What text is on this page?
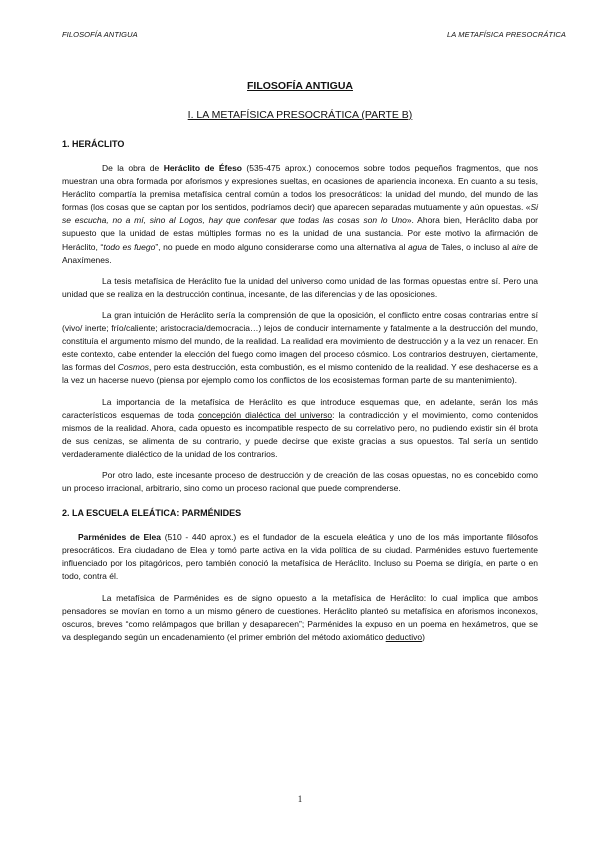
FILOSOFÍA ANTIGUA	LA METAFÍSICA PRESOCRÁTICA
FILOSOFÍA ANTIGUA
I. LA METAFÍSICA PRESOCRÁTICA (PARTE B)
1. HERÁCLITO

De la obra de Heráclito de Éfeso (535-475 aprox.) conocemos sobre todos pequeños fragmentos, que nos muestran una obra formada por aforismos y expresiones sueltas, en ocasiones de apariencia inconexa. En cuanto a su tesis, Heráclito compartía la premisa metafísica central común a todos los presocráticos: la unidad del mundo, del mundo de las formas (los cosas que se captan por los sentidos, podríamos decir) que aparecen separadas mutuamente y aún opuestas. «Si se escucha, no a mí, sino al Logos, hay que confesar que todas las cosas son lo Uno». Ahora bien, Heráclito daba por supuesto que la unidad de estas múltiples formas no es la unidad de una sustancia. Por este motivo la afirmación de Heráclito, “todo es fuego”, no puede en modo alguno considerarse como una alternativa al agua de Tales, o incluso al aire de Anaxímenes.

La tesis metafísica de Heráclito fue la unidad del universo como unidad de las formas opuestas entre sí. Pero una unidad que se realiza en la destrucción continua, incesante, de las diferencias y de las oposiciones.

La gran intuición de Heráclito sería la comprensión de que la oposición, el conflicto entre cosas contrarias entre sí (vivo/ inerte; frío/caliente; aristocracia/democracia…) lejos de conducir internamente y fatalmente a la destrucción del mundo, constituía el argumento mismo del mundo, de la realidad. La realidad era movimiento de destrucción y a la vez un renacer. En este contexto, cabe entender la elección del fuego como imagen del proceso cósmico. Los contrarios destruyen, ciertamente, las formas del Cosmos, pero esta destrucción, esta combustión, es el mismo contenido de la realidad. Y ese deshacerse es a la vez un hacerse nuevo (piensa por ejemplo como los conflictos de los ecosistemas forman parte de su mantenimiento).

La importancia de la metafísica de Heráclito es que introduce esquemas que, en adelante, serán los más característicos esquemas de toda concepción dialéctica del universo: la contradicción y el movimiento, como contenidos mismos de la realidad. Ahora, cada opuesto es incompatible respecto de su correlativo pero, no pudiendo existir sin él brota de sus cenizas, se alimenta de su contrario, y puede decirse que existe gracias a sus opuestos. Tal sería un sentido verdaderamente dialéctico de la unidad de los contrarios.

Por otro lado, este incesante proceso de destrucción y de creación de las cosas opuestas, no es concebido como un proceso irracional, arbitrario, sino como un proceso racional que puede comprenderse.

2. LA ESCUELA ELEÁTICA: PARMÉNIDES

Parménides de Elea (510 - 440 aprox.) es el fundador de la escuela eleática y uno de los más importante filósofos presocráticos. Era ciudadano de Elea y tomó parte activa en la vida política de su ciudad. Parménides estuvo fuertemente influenciado por los pitagóricos, pero también conoció la metafísica de Heráclito. Incluso su Poema se dirigía, en parte o en todo, contra él.

La metafísica de Parménides es de signo opuesto a la metafísica de Heráclito: lo cual implica que ambos pensadores se movían en torno a un mismo género de cuestiones. Heráclito planteó su metafísica en aforismos inconexos, oscuros, breves “como relámpagos que brillan y desaparecen”; Parménides la expuso en un poema en hexámetros, que se va desplegando según un encadenamiento (el primer embrión del método axiomático deductivo)

1
